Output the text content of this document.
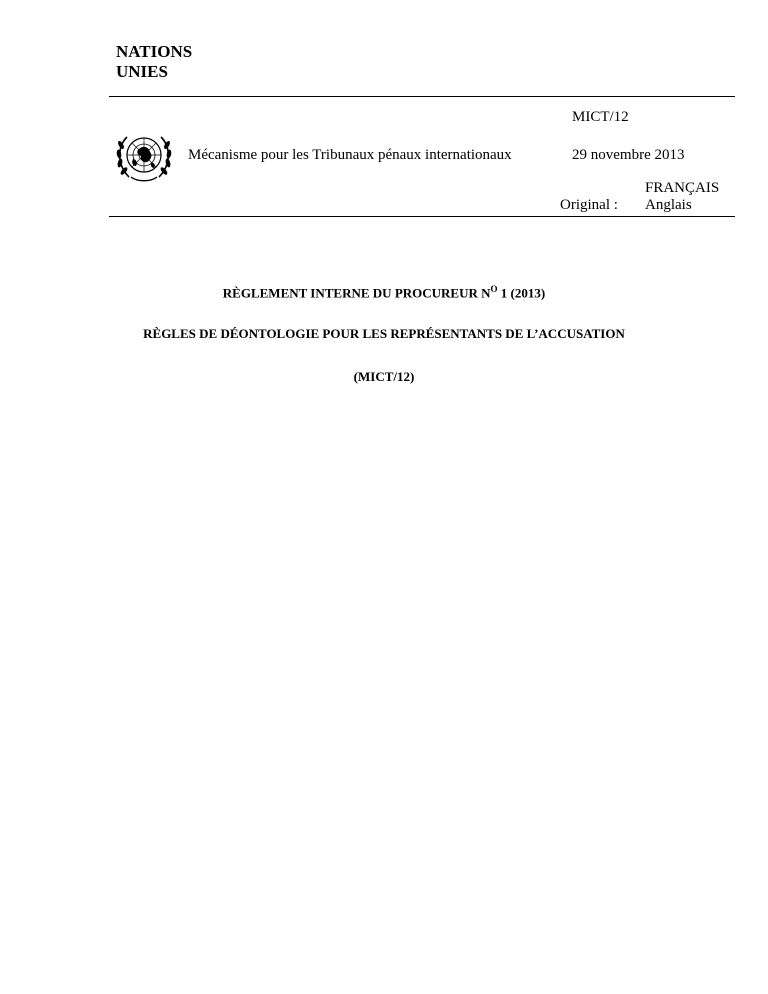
NATIONS
UNIES
MICT/12
Mécanisme pour les Tribunaux pénaux internationaux	29 novembre 2013
FRANÇAIS
Original : Anglais
RÈGLEMENT INTERNE DU PROCUREUR $N^O$ 1 (2013)
RÈGLES DE DÉONTOLOGIE POUR LES REPRÉSENTANTS DE L’ACCUSATION
(MICT/12)
